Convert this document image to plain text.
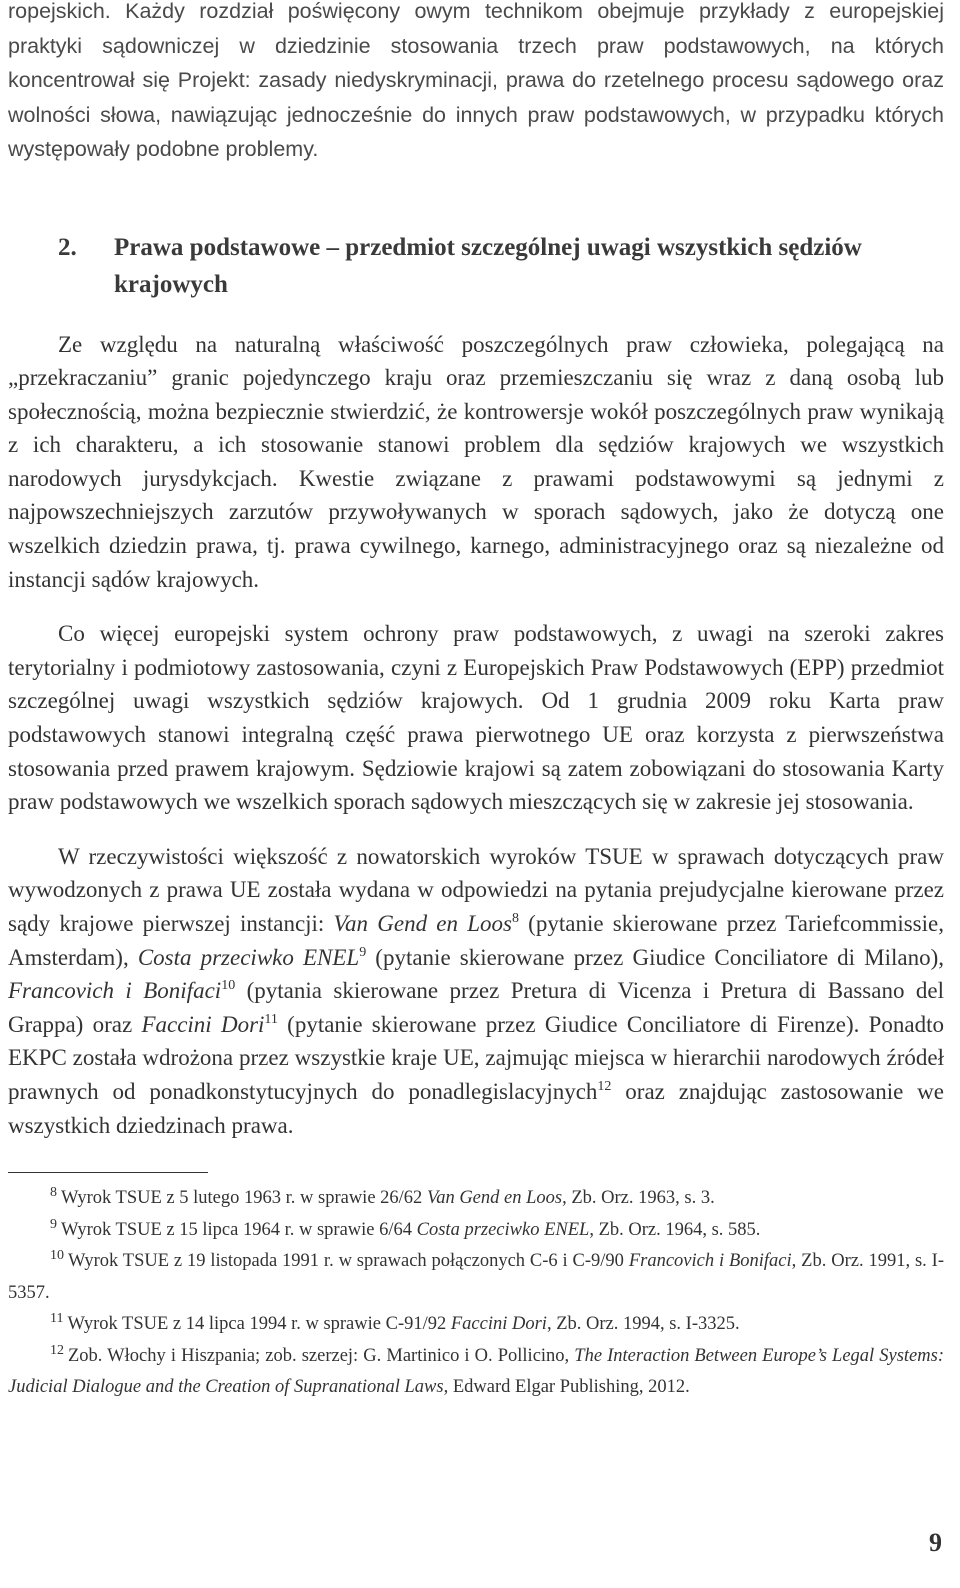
ropejskich. Każdy rozdział poświęcony owym technikom obejmuje przykłady z europejskiej praktyki sądowniczej w dziedzinie stosowania trzech praw podstawowych, na których koncentrował się Projekt: zasady niedyskryminacji, prawa do rzetelnego procesu sądowego oraz wolności słowa, nawiązując jednocześnie do innych praw podstawowych, w przypadku których występowały podobne problemy.

2. Prawa podstawowe – przedmiot szczególnej uwagi wszystkich sędziów krajowych

Ze względu na naturalną właściwość poszczególnych praw człowieka, polegającą na „przekraczaniu” granic pojedynczego kraju oraz przemieszczaniu się wraz z daną osobą lub społecznością, można bezpiecznie stwierdzić, że kontrowersje wokół poszczególnych praw wynikają z ich charakteru, a ich stosowanie stanowi problem dla sędziów krajowych we wszystkich narodowych jurysdykcjach. Kwestie związane z prawami podstawowymi są jednymi z najpowszechniejszych zarzutów przywoływanych w sporach sądowych, jako że dotyczą one wszelkich dziedzin prawa, tj. prawa cywilnego, karnego, administracyjnego oraz są niezależne od instancji sądów krajowych.

Co więcej europejski system ochrony praw podstawowych, z uwagi na szeroki zakres terytorialny i podmiotowy zastosowania, czyni z Europejskich Praw Podstawowych (EPP) przedmiot szczególnej uwagi wszystkich sędziów krajowych. Od 1 grudnia 2009 roku Karta praw podstawowych stanowi integralną część prawa pierwotnego UE oraz korzysta z pierwszeństwa stosowania przed prawem krajowym. Sędziowie krajowi są zatem zobowiązani do stosowania Karty praw podstawowych we wszelkich sporach sądowych mieszczących się w zakresie jej stosowania.

W rzeczywistości większość z nowatorskich wyroków TSUE w sprawach dotyczących praw wywodzonych z prawa UE została wydana w odpowiedzi na pytania prejudycjalne kierowane przez sądy krajowe pierwszej instancji: Van Gend en Loos$^8$ (pytanie skierowane przez Tariefcommissie, Amsterdam), Costa przeciwko ENEL$^9$ (pytanie skierowane przez Giudice Conciliatore di Milano), Francovich i Bonifaci$^{10}$ (pytania skierowane przez Pretura di Vicenza i Pretura di Bassano del Grappa) oraz Faccini Dori$^{11}$ (pytanie skierowane przez Giudice Conciliatore di Firenze). Ponadto EKPC została wdrożona przez wszystkie kraje UE, zajmując miejsca w hierarchii narodowych źródeł prawnych od ponadkonstytucyjnych do ponadlegislacyjnych$^{12}$ oraz znajdując zastosowanie we wszystkich dziedzinach prawa.

8 Wyrok TSUE z 5 lutego 1963 r. w sprawie 26/62 Van Gend en Loos, Zb. Orz. 1963, s. 3.

9 Wyrok TSUE z 15 lipca 1964 r. w sprawie 6/64 Costa przeciwko ENEL, Zb. Orz. 1964, s. 585.

10 Wyrok TSUE z 19 listopada 1991 r. w sprawach połączonych C-6 i C-9/90 Francovich i Bonifaci, Zb. Orz. 1991, s. I-5357.

11 Wyrok TSUE z 14 lipca 1994 r. w sprawie C-91/92 Faccini Dori, Zb. Orz. 1994, s. I-3325.

12 Zob. Włochy i Hiszpania; zob. szerzej: G. Martinico i O. Pollicino, The Interaction Between Europe’s Legal Systems: Judicial Dialogue and the Creation of Supranational Laws, Edward Elgar Publishing, 2012.

9
